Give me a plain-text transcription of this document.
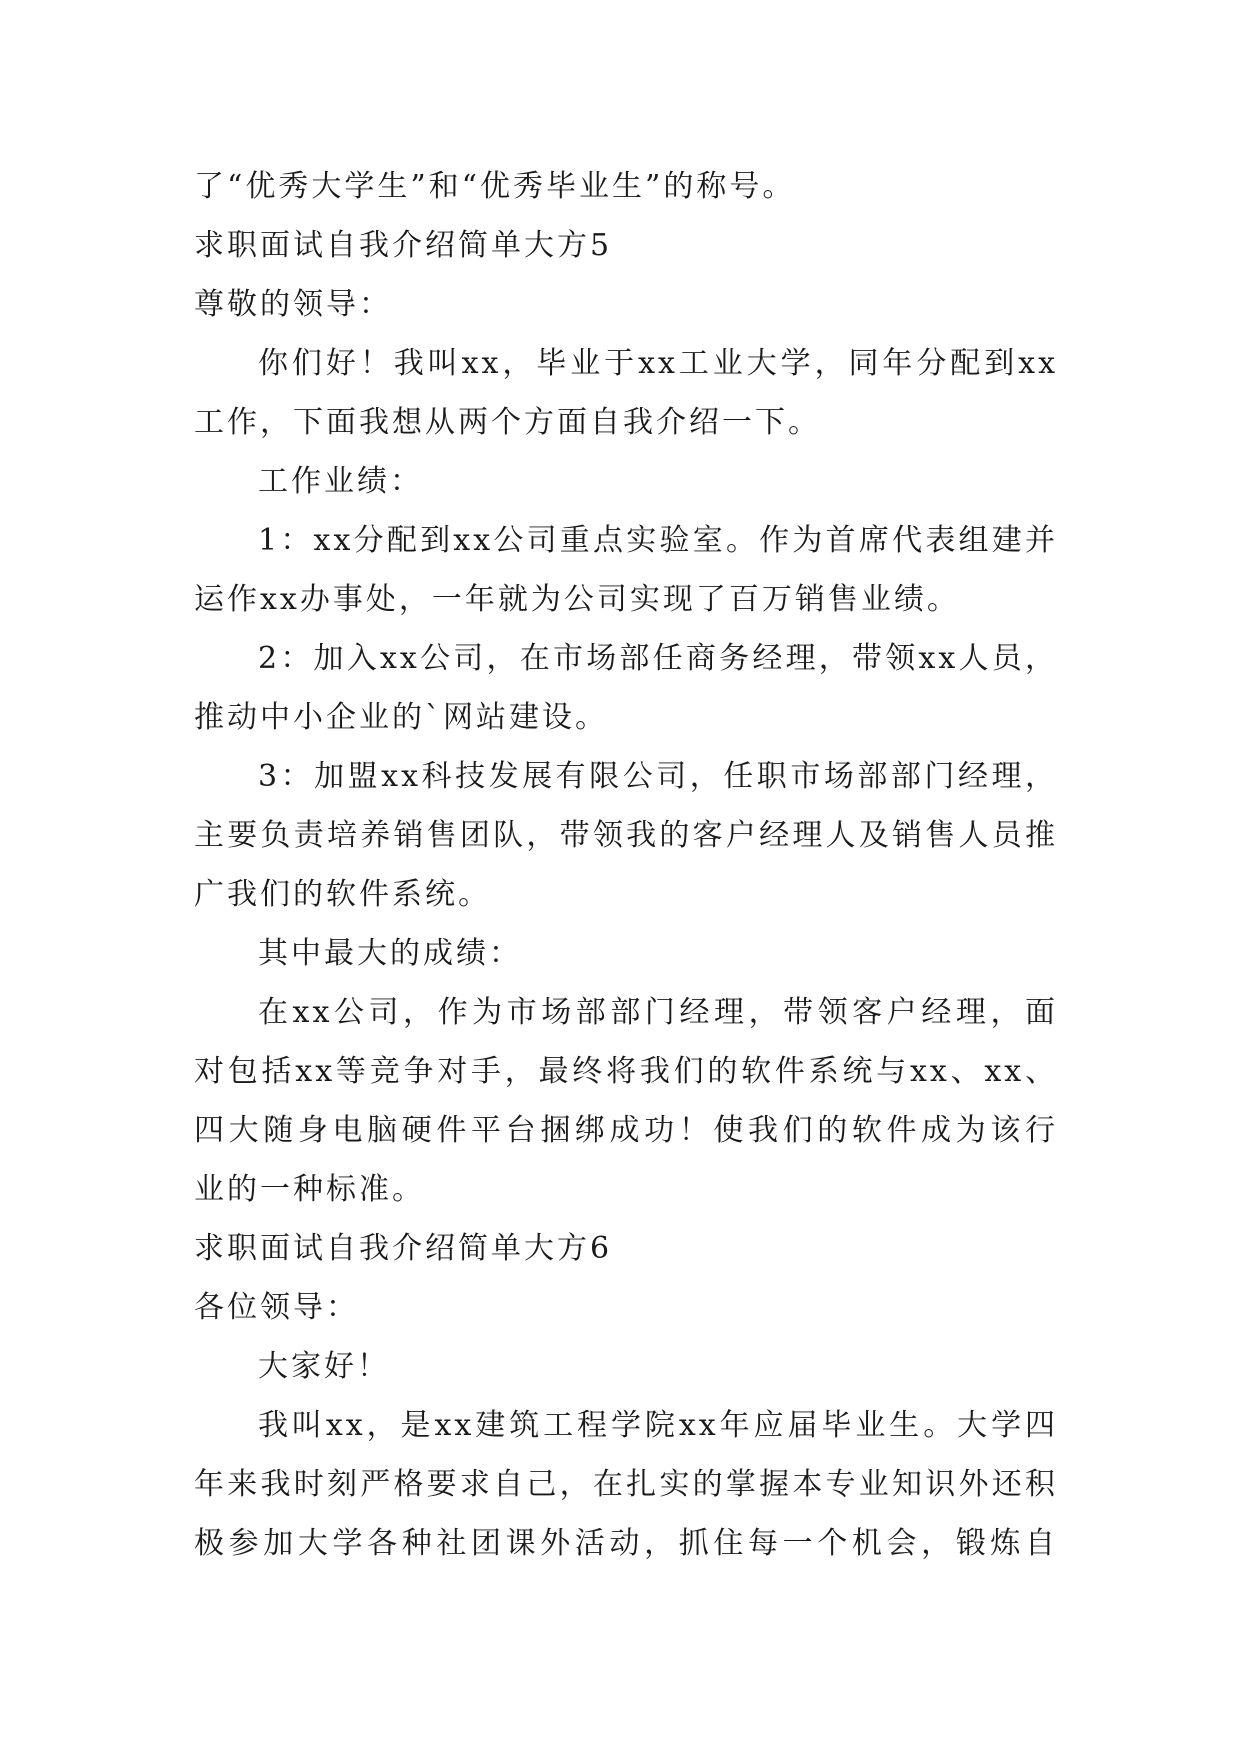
了“优秀大学生”和“优秀毕业生”的称号。
求职面试自我介绍简单大方5
尊敬的领导：
你们好！我叫xx，毕业于xx工业大学，同年分配到xx
工作，下面我想从两个方面自我介绍一下。
工作业绩：
1：xx分配到xx公司重点实验室。作为首席代表组建并
运作xx办事处，一年就为公司实现了百万销售业绩。
2：加入xx公司，在市场部任商务经理，带领xx人员，
推动中小企业的`网站建设。
3：加盟xx科技发展有限公司，任职市场部部门经理，
主要负责培养销售团队，带领我的客户经理人及销售人员推
广我们的软件系统。
其中最大的成绩：
在xx公司，作为市场部部门经理，带领客户经理，面
对包括xx等竞争对手，最终将我们的软件系统与xx、xx、
四大随身电脑硬件平台捆绑成功！使我们的软件成为该行
业的一种标准。
求职面试自我介绍简单大方6
各位领导：
大家好！
我叫xx，是xx建筑工程学院xx年应届毕业生。大学四
年来我时刻严格要求自己，在扎实的掌握本专业知识外还积
极参加大学各种社团课外活动，抓住每一个机会，锻炼自
